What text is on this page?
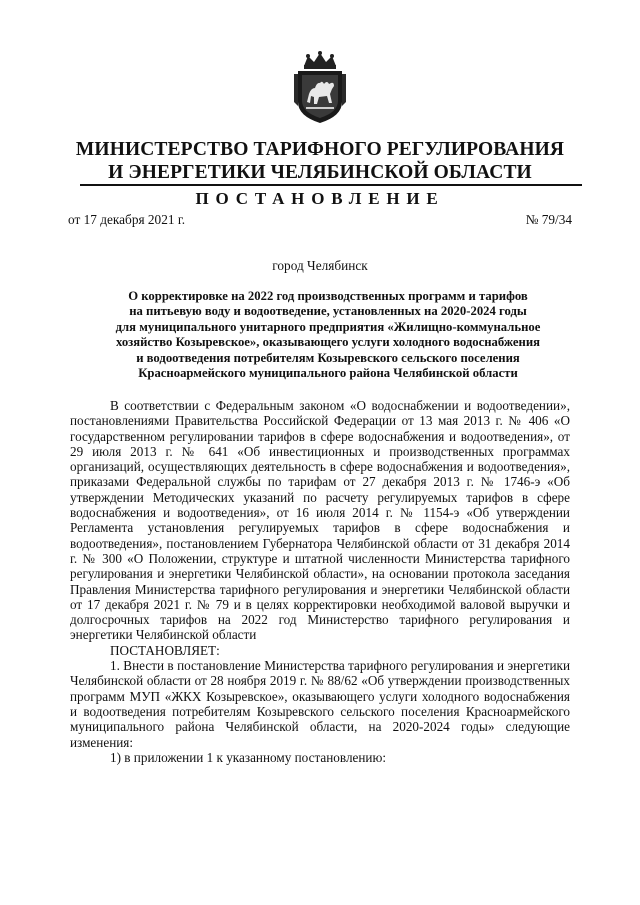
МИНИСТЕРСТВО ТАРИФНОГО РЕГУЛИРОВАНИЯ
И ЭНЕРГЕТИКИ ЧЕЛЯБИНСКОЙ ОБЛАСТИ
ПОСТАНОВЛЕНИЕ
от 17 декабря 2021 г.	№ 79/34
город Челябинск
О корректировке на 2022 год производственных программ и тарифов
на питьевую воду и водоотведение, установленных на 2020-2024 годы
для муниципального унитарного предприятия «Жилищно-коммунальное
хозяйство Козыревское», оказывающего услуги холодного водоснабжения
и водоотведения потребителям Козыревского сельского поселения
Красноармейского муниципального района Челябинской области

В соответствии с Федеральным законом «О водоснабжении и водоотведении», постановлениями Правительства Российской Федерации от 13 мая 2013 г. № 406 «О государственном регулировании тарифов в сфере водоснабжения и водоотведения», от 29 июля 2013 г. № 641 «Об инвестиционных и производственных программах организаций, осуществляющих деятельность в сфере водоснабжения и водоотведения», приказами Федеральной службы по тарифам от 27 декабря 2013 г. № 1746-э «Об утверждении Методических указаний по расчету регулируемых тарифов в сфере водоснабжения и водоотведения», от 16 июля 2014 г. № 1154-э «Об утверждении Регламента установления регулируемых тарифов в сфере водоснабжения и водоотведения», постановлением Губернатора Челябинской области от 31 декабря 2014 г. № 300 «О Положении, структуре и штатной численности Министерства тарифного регулирования и энергетики Челябинской области», на основании протокола заседания Правления Министерства тарифного регулирования и энергетики Челябинской области от 17 декабря 2021 г. № 79 и в целях корректировки необходимой валовой выручки и долгосрочных тарифов на 2022 год Министерство тарифного регулирования и энергетики Челябинской области

ПОСТАНОВЛЯЕТ:

1. Внести в постановление Министерства тарифного регулирования и энергетики Челябинской области от 28 ноября 2019 г. № 88/62 «Об утверждении производственных программ МУП «ЖКХ Козыревское», оказывающего услуги холодного водоснабжения и водоотведения потребителям Козыревского сельского поселения Красноармейского муниципального района Челябинской области, на 2020-2024 годы» следующие изменения:

1) в приложении 1 к указанному постановлению:
